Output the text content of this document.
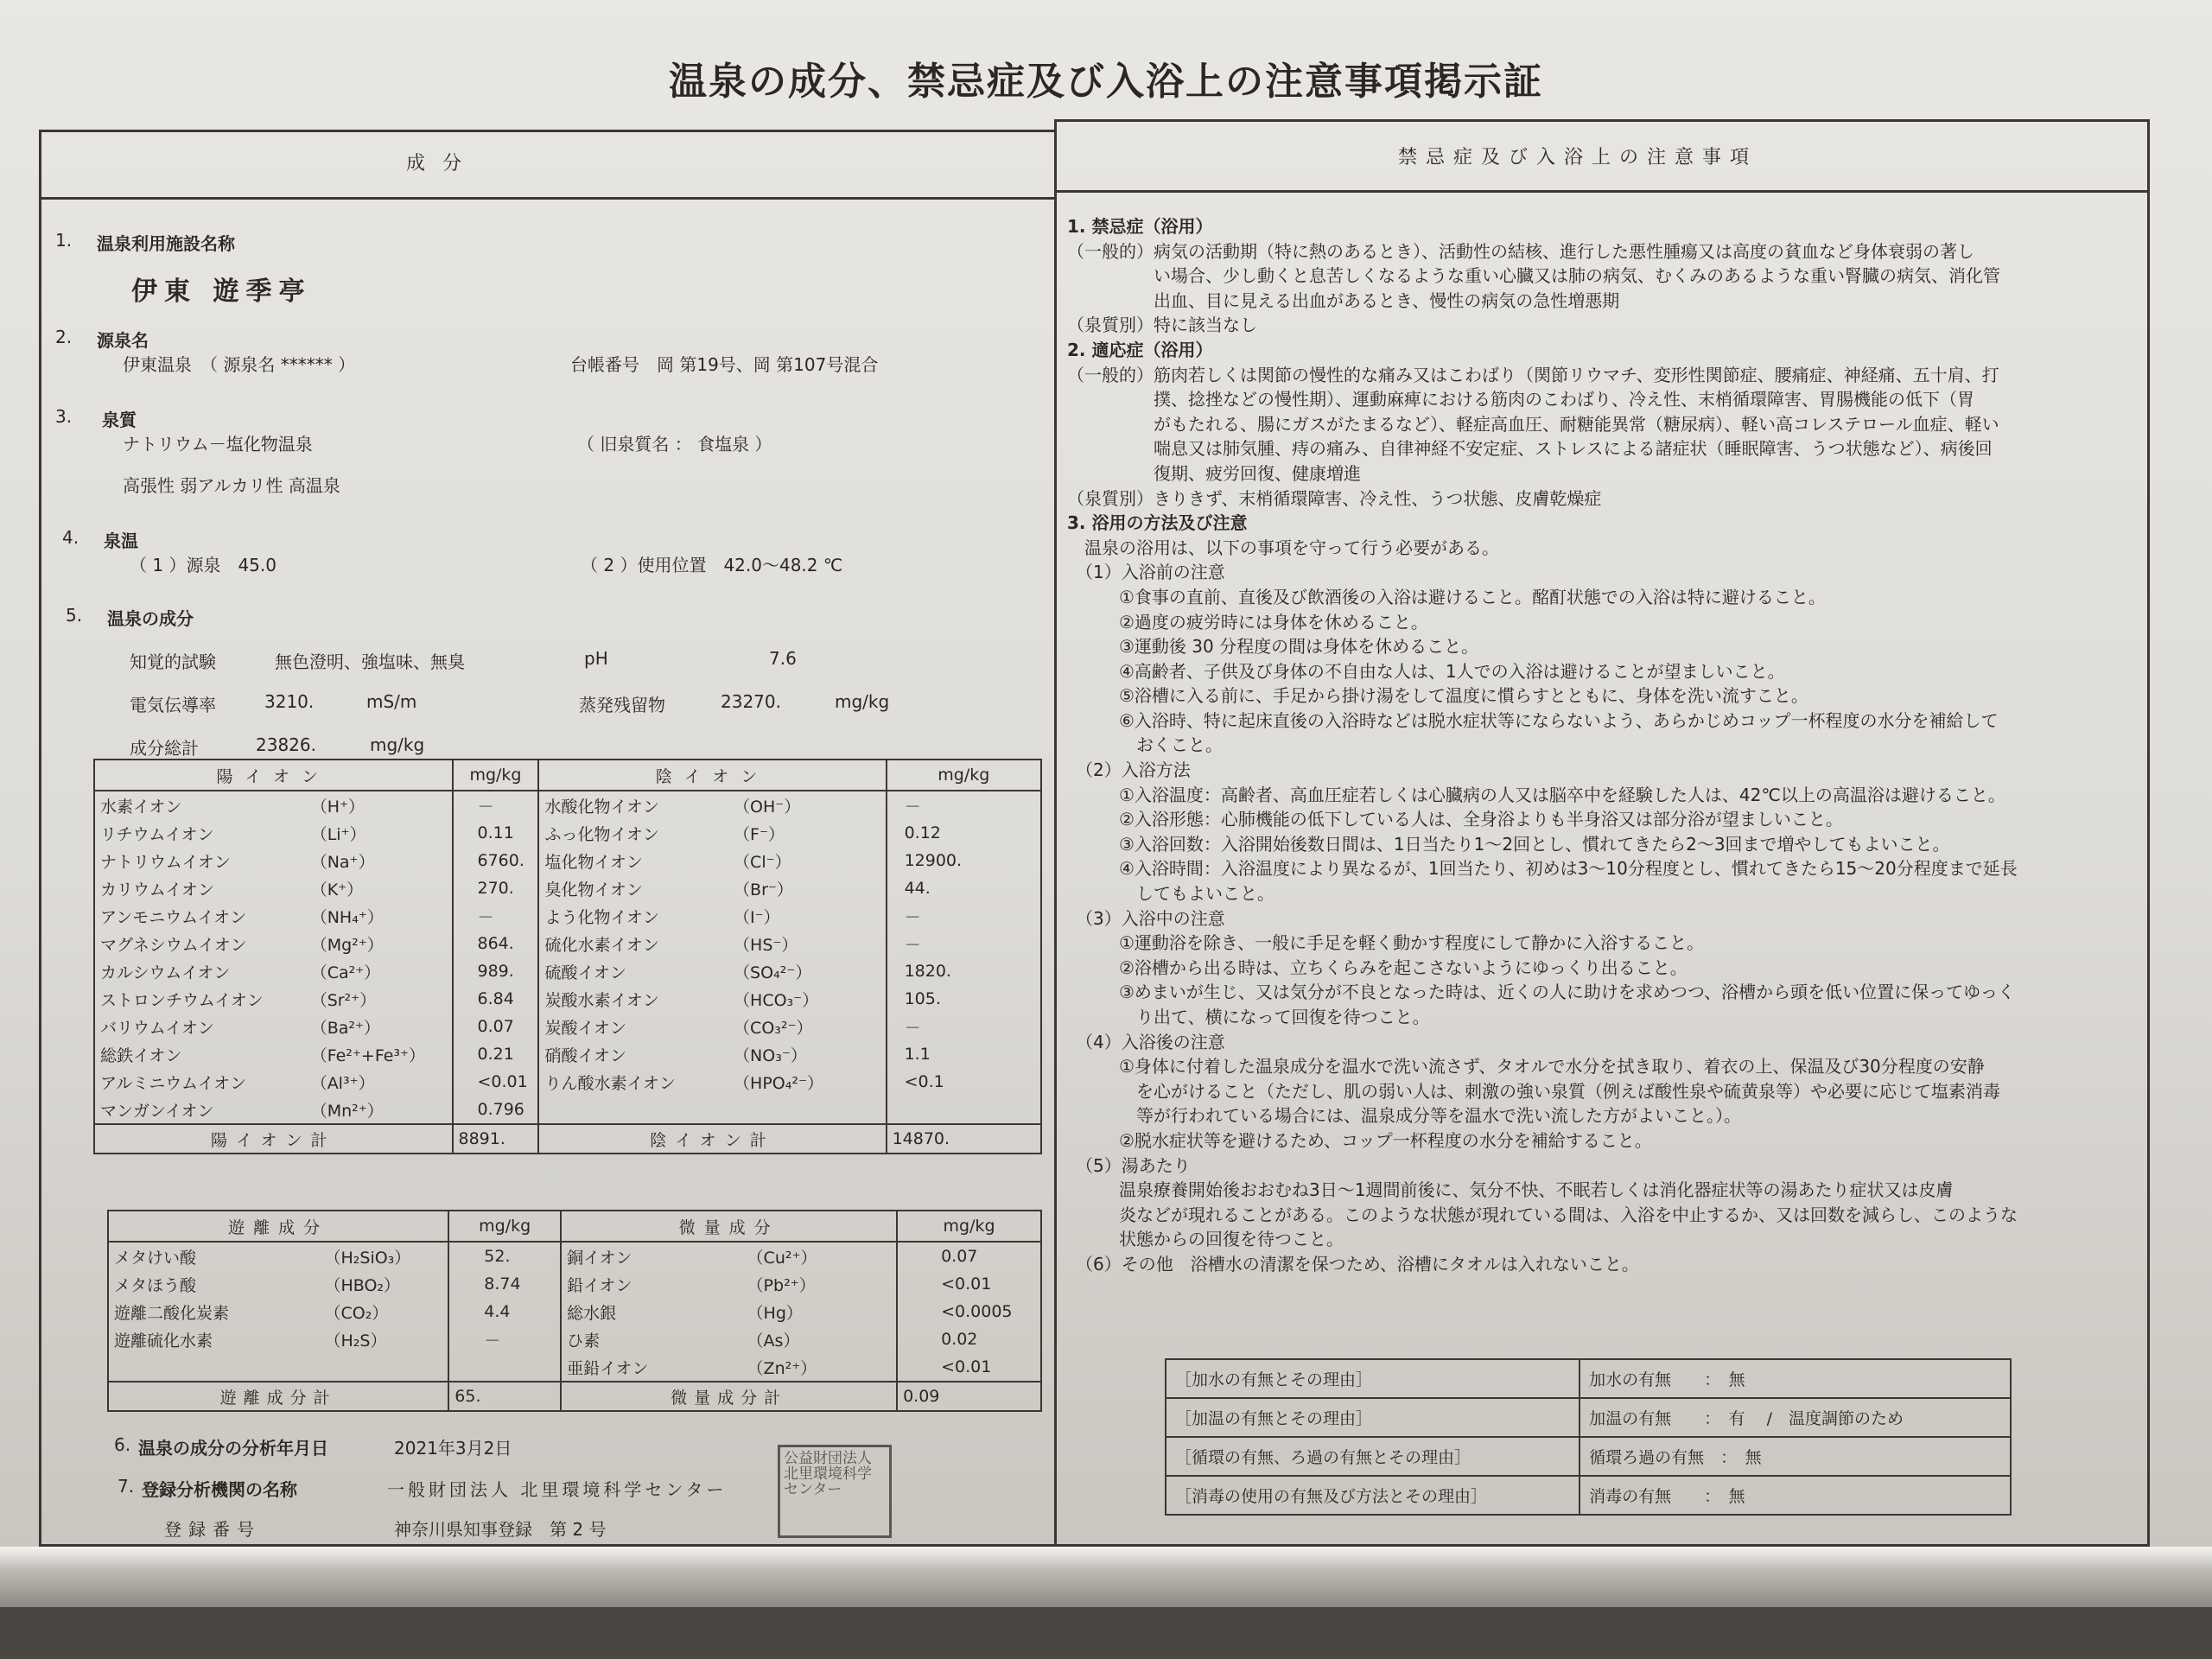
温泉の成分、禁忌症及び入浴上の注意事項掲示証
成分	禁忌症及び入浴上の注意事項
1. 温泉利用施設名称
伊東 遊季亭
2. 源泉名
伊東温泉　（ 源泉名 ****** ）	台帳番号　岡 第19号、岡 第107号混合
3. 泉質
ナトリウム－塩化物温泉	（ 旧泉質名 ： 食塩泉 ）
高張性 弱アルカリ性 高温泉
4. 泉温
（ 1 ）源泉　45.0	（ 2 ）使用位置　42.0～48.2 ℃
5. 温泉の成分
知覚的試験	無色澄明、強塩味、無臭	pH	7.6
電気伝導率	3210.	mS/m	蒸発残留物	23270.	mg/kg
成分総計	23826.	mg/kg
陽イオン		mg/kg	陰イオン		mg/kg
水素イオン	（H⁺）	－	水酸化物イオン	（OH⁻）	－
リチウムイオン	（Li⁺）	0.11	ふっ化物イオン	（F⁻）	0.12
ナトリウムイオン	（Na⁺）	6760.	塩化物イオン	（Cl⁻）	12900.
カリウムイオン	（K⁺）	270.	臭化物イオン	（Br⁻）	44.
アンモニウムイオン	（NH₄⁺）	－	よう化物イオン	（I⁻）	－
マグネシウムイオン	（Mg²⁺）	864.	硫化水素イオン	（HS⁻）	－
カルシウムイオン	（Ca²⁺）	989.	硫酸イオン	（SO₄²⁻）	1820.
ストロンチウムイオン	（Sr²⁺）	6.84	炭酸水素イオン	（HCO₃⁻）	105.
バリウムイオン	（Ba²⁺）	0.07	炭酸イオン	（CO₃²⁻）	－
総鉄イオン	（Fe²⁺+Fe³⁺）	0.21	硝酸イオン	（NO₃⁻）	1.1
アルミニウムイオン	（Al³⁺）	<0.01	りん酸水素イオン	（HPO₄²⁻）	<0.1
マンガンイオン	（Mn²⁺）	0.796			
陽イオン計		8891.	陰イオン計		14870.
遊離成分		mg/kg	微量成分		mg/kg
メタけい酸	（H₂SiO₃）	52.	銅イオン	（Cu²⁺）	0.07
メタほう酸	（HBO₂）	8.74	鉛イオン	（Pb²⁺）	<0.01
遊離二酸化炭素	（CO₂）	4.4	総水銀	（Hg）	<0.0005
遊離硫化水素	（H₂S）	－	ひ素	（As）	0.02
			亜鉛イオン	（Zn²⁺）	<0.01
遊離成分計		65.	微量成分計		0.09
6. 温泉の成分の分析年月日	2021年3月2日
7. 登録分析機関の名称	一般財団法人 北里環境科学センター
登録番号	神奈川県知事登録　第 2 号
公益財団法人北里環境科学センター
1. 禁忌症（浴用）
（一般的）病気の活動期（特に熱のあるとき）、活動性の結核、進行した悪性腫瘍又は高度の貧血など身体衰弱の著し
　　　　　い場合、少し動くと息苦しくなるような重い心臓又は肺の病気、むくみのあるような重い腎臓の病気、消化管
　　　　　出血、目に見える出血があるとき、慢性の病気の急性増悪期
（泉質別）特に該当なし
2. 適応症（浴用）
（一般的）筋肉若しくは関節の慢性的な痛み又はこわばり（関節リウマチ、変形性関節症、腰痛症、神経痛、五十肩、打
　　　　　撲、捻挫などの慢性期）、運動麻痺における筋肉のこわばり、冷え性、末梢循環障害、胃腸機能の低下（胃
　　　　　がもたれる、腸にガスがたまるなど）、軽症高血圧、耐糖能異常（糖尿病）、軽い高コレステロール血症、軽い
　　　　　喘息又は肺気腫、痔の痛み、自律神経不安定症、ストレスによる諸症状（睡眠障害、うつ状態など）、病後回
　　　　　復期、疲労回復、健康増進
（泉質別）きりきず、末梢循環障害、冷え性、うつ状態、皮膚乾燥症
3. 浴用の方法及び注意
　温泉の浴用は、以下の事項を守って行う必要がある。
　（1）入浴前の注意
　　　①食事の直前、直後及び飲酒後の入浴は避けること。酩酊状態での入浴は特に避けること。
　　　②過度の疲労時には身体を休めること。
　　　③運動後 30 分程度の間は身体を休めること。
　　　④高齢者、子供及び身体の不自由な人は、1人での入浴は避けることが望ましいこと。
　　　⑤浴槽に入る前に、手足から掛け湯をして温度に慣らすとともに、身体を洗い流すこと。
　　　⑥入浴時、特に起床直後の入浴時などは脱水症状等にならないよう、あらかじめコップ一杯程度の水分を補給して
　　　　おくこと。
　（2）入浴方法
　　　①入浴温度：高齢者、高血圧症若しくは心臓病の人又は脳卒中を経験した人は、42℃以上の高温浴は避けること。
　　　②入浴形態：心肺機能の低下している人は、全身浴よりも半身浴又は部分浴が望ましいこと。
　　　③入浴回数：入浴開始後数日間は、1日当たり1～2回とし、慣れてきたら2～3回まで増やしてもよいこと。
　　　④入浴時間：入浴温度により異なるが、1回当たり、初めは3～10分程度とし、慣れてきたら15～20分程度まで延長
　　　　してもよいこと。
　（3）入浴中の注意
　　　①運動浴を除き、一般に手足を軽く動かす程度にして静かに入浴すること。
　　　②浴槽から出る時は、立ちくらみを起こさないようにゆっくり出ること。
　　　③めまいが生じ、又は気分が不良となった時は、近くの人に助けを求めつつ、浴槽から頭を低い位置に保ってゆっく
　　　　り出て、横になって回復を待つこと。
　（4）入浴後の注意
　　　①身体に付着した温泉成分を温水で洗い流さず、タオルで水分を拭き取り、着衣の上、保温及び30分程度の安静
　　　　を心がけること（ただし、肌の弱い人は、刺激の強い泉質（例えば酸性泉や硫黄泉等）や必要に応じて塩素消毒
　　　　等が行われている場合には、温泉成分等を温水で洗い流した方がよいこと。）。
　　　②脱水症状等を避けるため、コップ一杯程度の水分を補給すること。
　（5）湯あたり
　　　温泉療養開始後おおむね3日～1週間前後に、気分不快、不眠若しくは消化器症状等の湯あたり症状又は皮膚
　　　炎などが現れることがある。このような状態が現れている間は、入浴を中止するか、又は回数を減らし、このような
　　　状態からの回復を待つこと。
　（6）その他　浴槽水の清潔を保つため、浴槽にタオルは入れないこと。
［加水の有無とその理由］	加水の有無　　：　無
［加温の有無とその理由］	加温の有無　　：　有　 /　温度調節のため
［循環の有無、ろ過の有無とその理由］	循環ろ過の有無　：　無
［消毒の使用の有無及び方法とその理由］	消毒の有無　　：　無
